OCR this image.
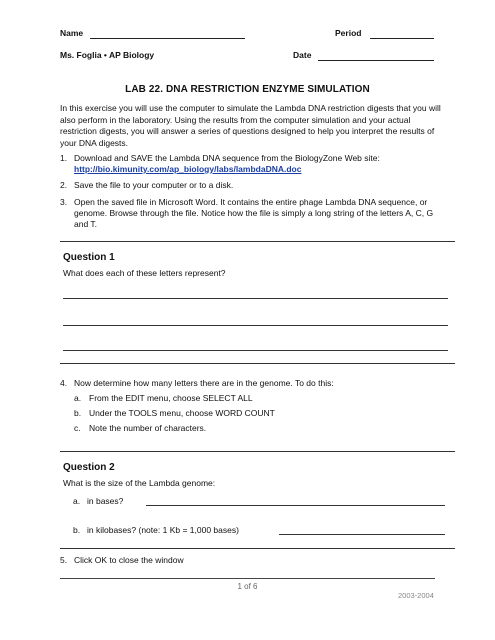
Name	Period
Ms. Foglia • AP Biology	Date
LAB 22. DNA RESTRICTION ENZYME SIMULATION
In this exercise you will use the computer to simulate the Lambda DNA restriction digests that you will also perform in the laboratory. Using the results from the computer simulation and your actual restriction digests, you will answer a series of questions designed to help you interpret the results of your DNA digests.
1. Download and SAVE the Lambda DNA sequence from the BiologyZone Web site:
http://bio.kimunity.com/ap_biology/labs/lambdaDNA.doc
2. Save the file to your computer or to a disk.
3. Open the saved file in Microsoft Word. It contains the entire phage Lambda DNA sequence, or genome. Browse through the file. Notice how the file is simply a long string of the letters A, C, G and T.
Question 1
What does each of these letters represent?
4. Now determine how many letters there are in the genome. To do this:
a. From the EDIT menu, choose SELECT ALL
b. Under the TOOLS menu, choose WORD COUNT
c. Note the number of characters.
Question 2
What is the size of the Lambda genome:
a. in bases?
b. in kilobases? (note: 1 Kb = 1,000 bases)
5. Click OK to close the window
1 of 6
2003-2004
